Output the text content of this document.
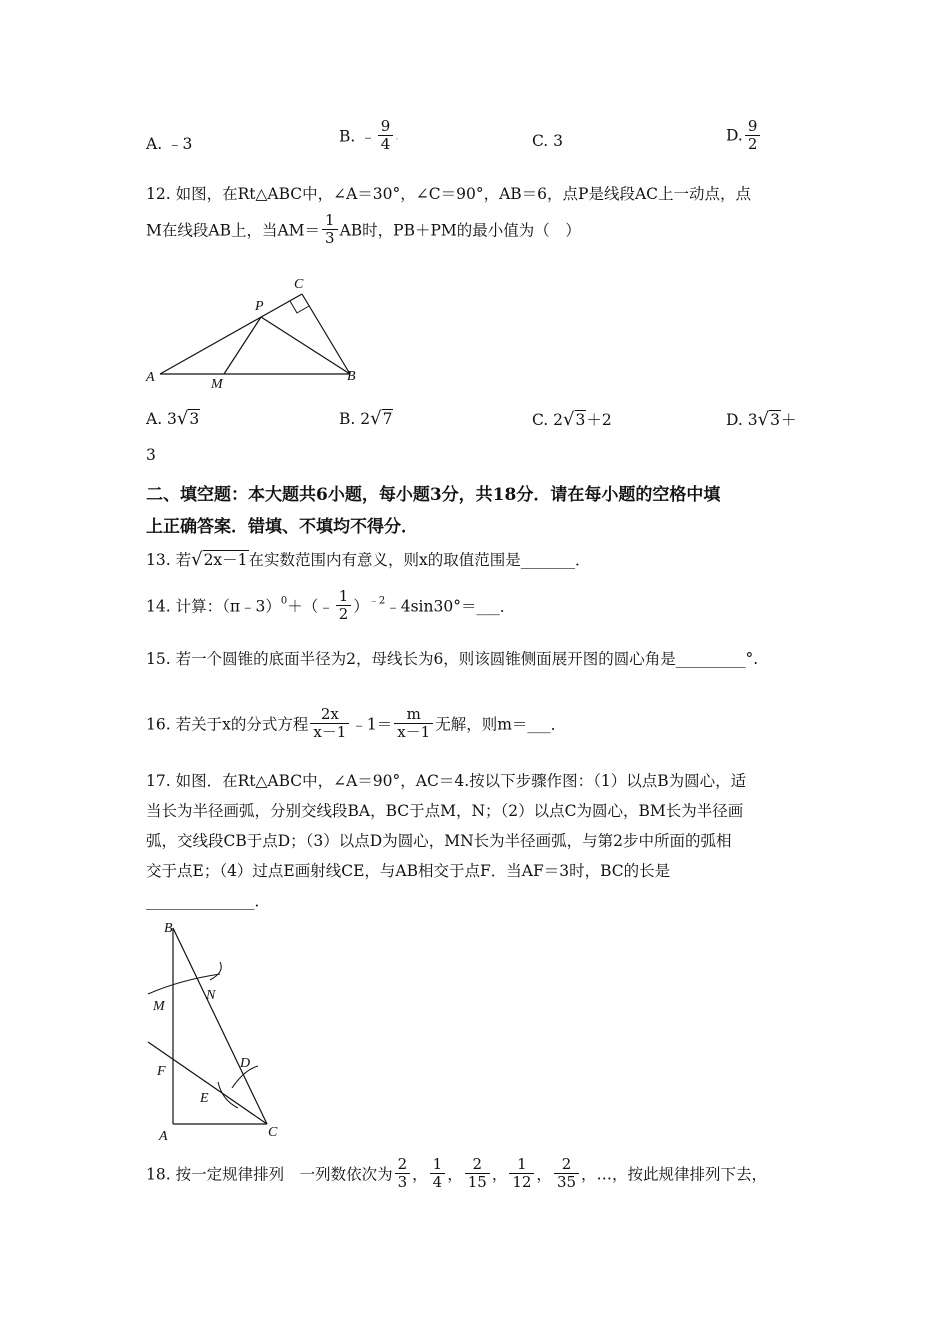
A. ﹣3	B. ﹣ $\frac{9}{4}$ .	C. 3	D. $\frac{9}{2}$
12. 如图，在Rt△ABC中，∠A＝30°，∠C＝90°，AB＝6，点P是线段AC上一动点，点
M在线段AB上，当$AM= \frac{1}{3}$ AB时，PB＋PM的最小值为（　）
A	B
C
P
M
A. 3√3	B. 2√7	C. 2√3＋2	D. 3√3＋
3
二、填空题：本大题共6小题，每小题3分，共18分．请在每小题的空格中填
上正确答案．错填、不填均不得分．
13. 若√2x－1在实数范围内有意义，则x的取值范围是_______．
14. 计算：（π﹣3）$^0$＋（﹣ $\frac{1}{2}$ ）$^{﹣2}$﹣4sin30°＝___．
15. 若一个圆锥的底面半径为2，母线长为6，则该圆锥侧面展开图的圆心角是_________°.
16. 若关于x的分式方程 $\frac{2x}{x-1}$ ﹣1＝ $\frac{m}{x-1}$ 无解，则m＝___．
17. 如图．在Rt△ABC中，∠A＝90°，AC＝4.按以下步骤作图：（1）以点B为圆心，适
当长为半径画弧，分别交线段BA，BC于点M，N；（2）以点C为圆心，BM长为半径画
弧，交线段CB于点D；（3）以点D为圆心，MN长为半径画弧，与第2步中所面的弧相
交于点E；（4）过点E画射线CE，与AB相交于点F．当AF＝3时，BC的长是
______________．
B
M
N
D
F
E
A	C
18. 按一定规律排列　一列数依次为 $\frac{2}{3}$ ， $\frac{1}{4}$ ， $\frac{2}{15}$ ， $\frac{1}{12}$ ， $\frac{2}{35}$ ，…，按此规律排列下去，
